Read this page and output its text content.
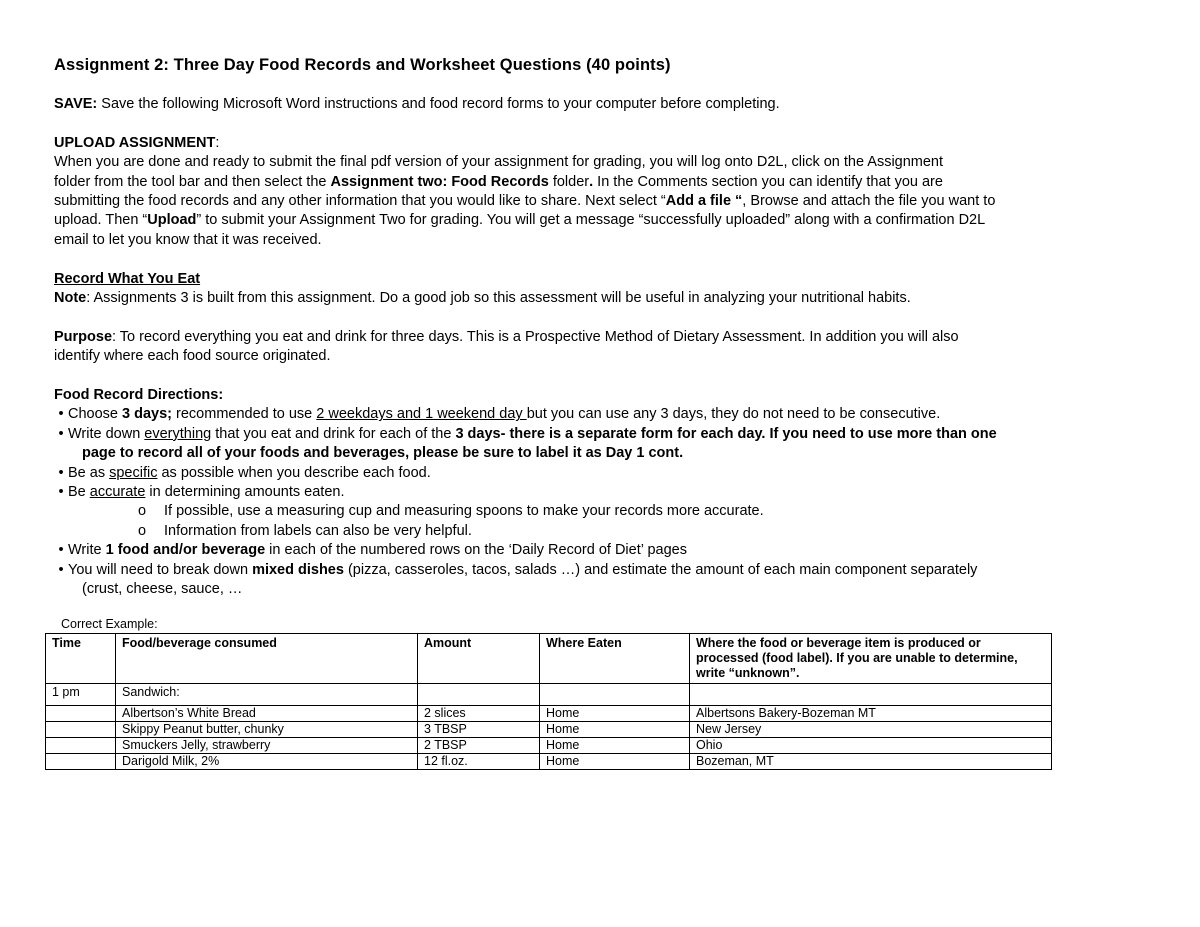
Assignment 2: Three Day Food Records and Worksheet Questions (40 points)
SAVE: Save the following Microsoft Word instructions and food record forms to your computer before completing.
UPLOAD ASSIGNMENT:
When you are done and ready to submit the final pdf version of your assignment for grading, you will log onto D2L, click on the Assignment
folder from the tool bar and then select the Assignment two: Food Records folder. In the Comments section you can identify that you are
submitting the food records and any other information that you would like to share. Next select “Add a file “, Browse and attach the file you want to
upload. Then “Upload” to submit your Assignment Two for grading. You will get a message “successfully uploaded” along with a confirmation D2L
email to let you know that it was received.
Record What You Eat
Note: Assignments 3 is built from this assignment. Do a good job so this assessment will be useful in analyzing your nutritional habits.
Purpose: To record everything you eat and drink for three days. This is a Prospective Method of Dietary Assessment. In addition you will also
identify where each food source originated.
Food Record Directions:
• Choose 3 days; recommended to use 2 weekdays and 1 weekend day but you can use any 3 days, they do not need to be consecutive.
• Write down everything that you eat and drink for each of the 3 days- there is a separate form for each day. If you need to use more than one
page to record all of your foods and beverages, please be sure to label it as Day 1 cont.
• Be as specific as possible when you describe each food.
• Be accurate in determining amounts eaten.
o If possible, use a measuring cup and measuring spoons to make your records more accurate.
o Information from labels can also be very helpful.
• Write 1 food and/or beverage in each of the numbered rows on the ‘Daily Record of Diet’ pages
• You will need to break down mixed dishes (pizza, casseroles, tacos, salads …) and estimate the amount of each main component separately
(crust, cheese, sauce, …
Correct Example:
Time	Food/beverage consumed	Amount	Where Eaten	Where the food or beverage item is produced or processed (food label). If you are unable to determine, write “unknown”.
1 pm	Sandwich:			
	Albertson’s White Bread	2 slices	Home	Albertsons Bakery-Bozeman MT
	Skippy Peanut butter, chunky	3 TBSP	Home	New Jersey
	Smuckers Jelly, strawberry	2 TBSP	Home	Ohio
	Darigold Milk, 2%	12 fl.oz.	Home	Bozeman, MT
